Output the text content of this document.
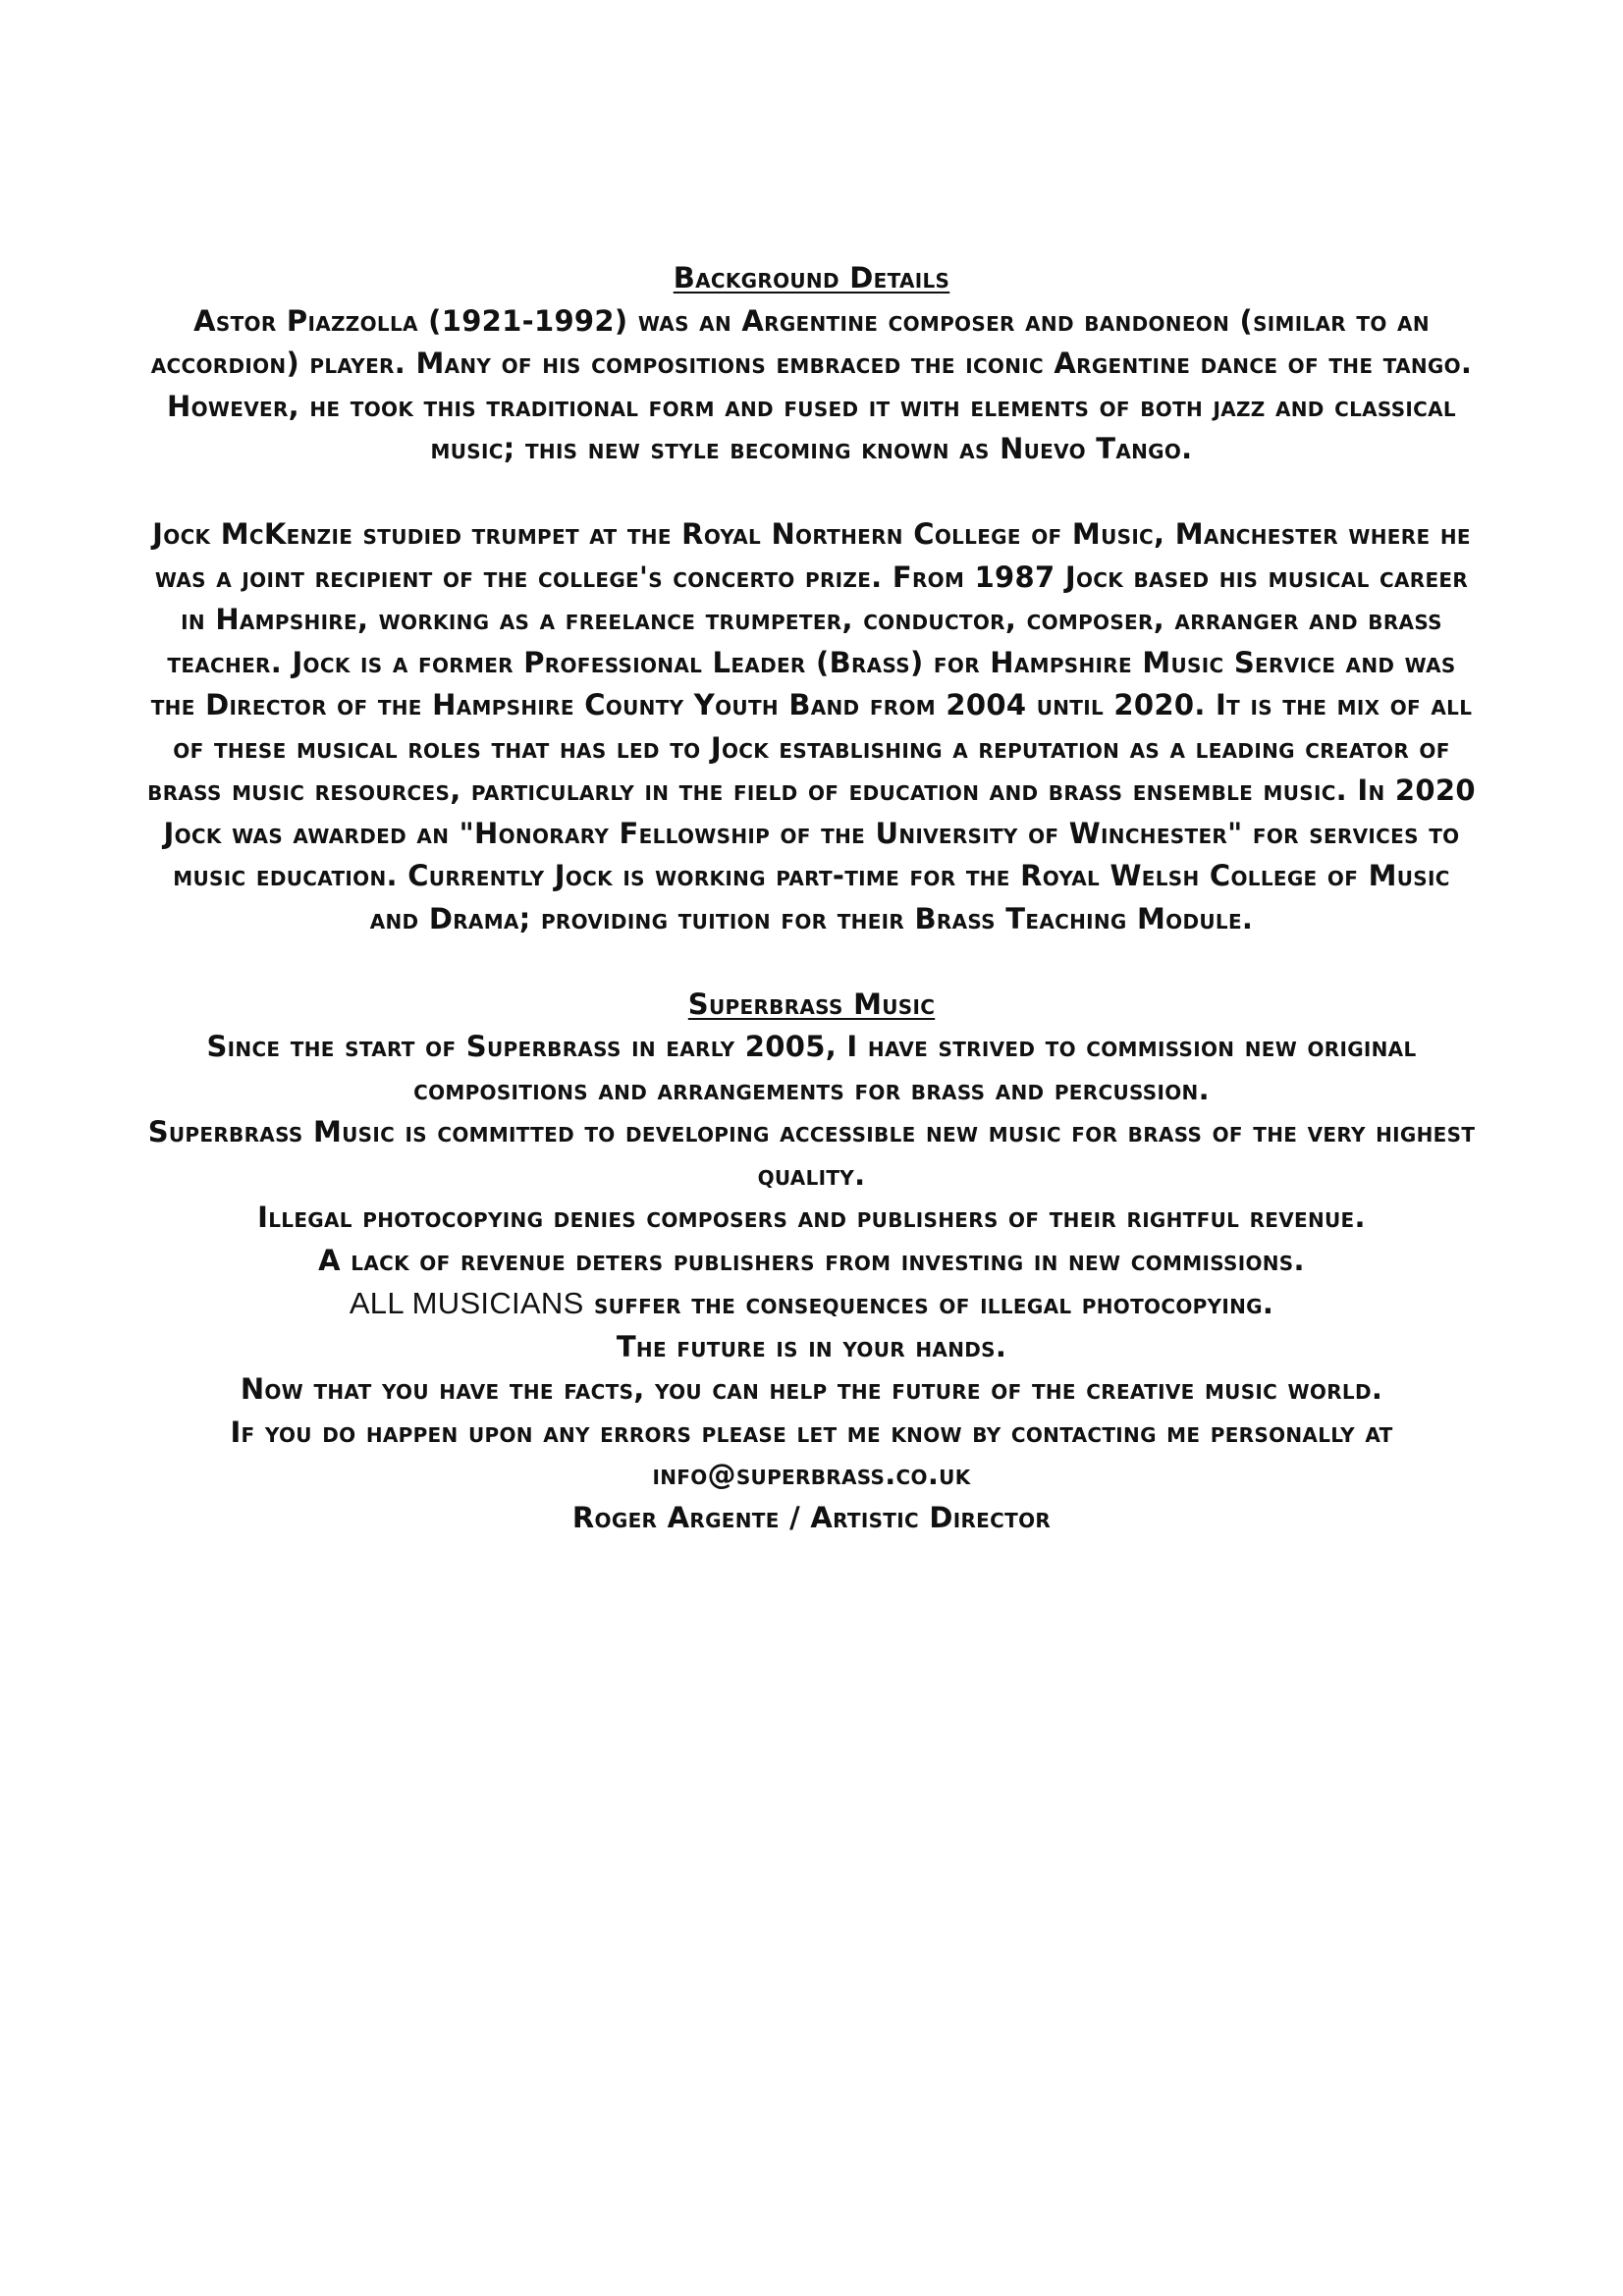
Background Details

Astor Piazzolla (1921-1992) was an Argentine composer and bandoneon (similar to an accordion) player. Many of his compositions embraced the iconic Argentine dance of the tango. However, he took this traditional form and fused it with elements of both jazz and classical music; this new style becoming known as Nuevo Tango.

Jock McKenzie studied trumpet at the Royal Northern College of Music, Manchester where he was a joint recipient of the college's concerto prize. From 1987 Jock based his musical career in Hampshire, working as a freelance trumpeter, conductor, composer, arranger and brass teacher. Jock is a former Professional Leader (Brass) for Hampshire Music Service and was the Director of the Hampshire County Youth Band from 2004 until 2020. It is the mix of all of these musical roles that has led to Jock establishing a reputation as a leading creator of brass music resources, particularly in the field of education and brass ensemble music. In 2020 Jock was awarded an "Honorary Fellowship of the University of Winchester" for services to music education. Currently Jock is working part-time for the Royal Welsh College of Music and Drama; providing tuition for their Brass Teaching Module.

Superbrass Music
Since the start of Superbrass in early 2005, I have strived to commission new original compositions and arrangements for brass and percussion.
Superbrass Music is committed to developing accessible new music for brass of the very highest quality.
Illegal photocopying denies composers and publishers of their rightful revenue.
A lack of revenue deters publishers from investing in new commissions.
ALL MUSICIANS suffer the consequences of illegal photocopying.
The future is in your hands.
Now that you have the facts, you can help the future of the creative music world.
If you do happen upon any errors please let me know by contacting me personally at
info@superbrass.co.uk
Roger Argente / Artistic Director
